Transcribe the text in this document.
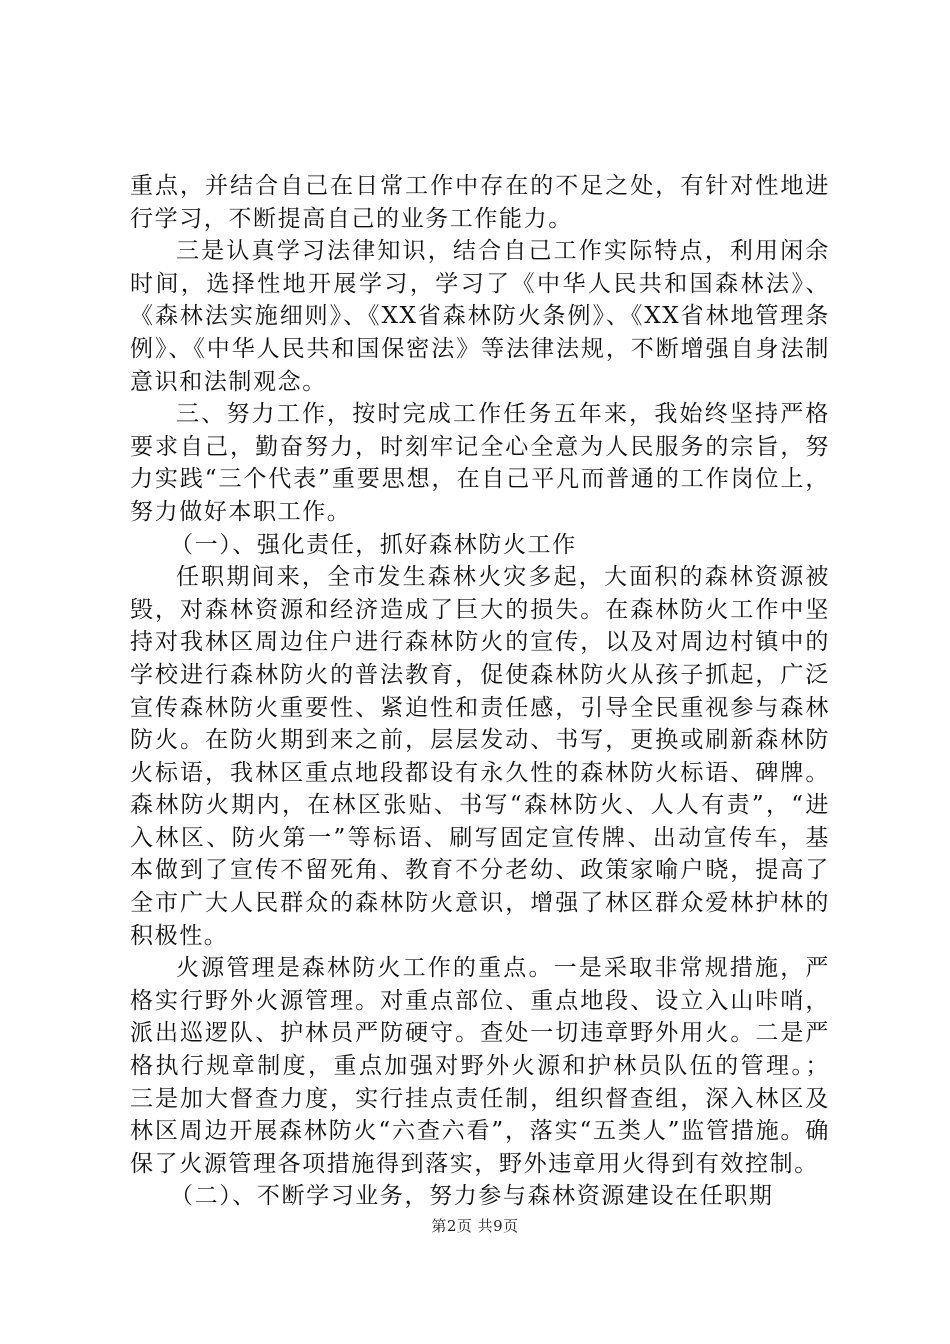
重点，并结合自己在日常工作中存在的不足之处，有针对性地进行学习，不断提高自己的业务工作能力。

三是认真学习法律知识，结合自己工作实际特点，利用闲余时间，选择性地开展学习，学习了《中华人民共和国森林法》、《森林法实施细则》、《XX省森林防火条例》、《XX省林地管理条例》、《中华人民共和国保密法》等法律法规，不断增强自身法制意识和法制观念。

三、努力工作，按时完成工作任务五年来，我始终坚持严格要求自己，勤奋努力，时刻牢记全心全意为人民服务的宗旨，努力实践“三个代表”重要思想，在自己平凡而普通的工作岗位上，努力做好本职工作。

（一）、强化责任，抓好森林防火工作

任职期间来，全市发生森林火灾多起，大面积的森林资源被毁，对森林资源和经济造成了巨大的损失。在森林防火工作中坚持对我林区周边住户进行森林防火的宣传，以及对周边村镇中的学校进行森林防火的普法教育，促使森林防火从孩子抓起，广泛宣传森林防火重要性、紧迫性和责任感，引导全民重视参与森林防火。在防火期到来之前，层层发动、书写，更换或刷新森林防火标语，我林区重点地段都设有永久性的森林防火标语、碑牌。森林防火期内，在林区张贴、书写“森林防火、人人有责”，“进入林区、防火第一”等标语、刷写固定宣传牌、出动宣传车，基本做到了宣传不留死角、教育不分老幼、政策家喻户晓，提高了全市广大人民群众的森林防火意识，增强了林区群众爱林护林的积极性。

火源管理是森林防火工作的重点。一是采取非常规措施，严格实行野外火源管理。对重点部位、重点地段、设立入山咔哨，派出巡逻队、护林员严防硬守。查处一切违章野外用火。二是严格执行规章制度，重点加强对野外火源和护林员队伍的管理。；三是加大督查力度，实行挂点责任制，组织督查组，深入林区及林区周边开展森林防火“六查六看”，落实“五类人”监管措施。确保了火源管理各项措施得到落实，野外违章用火得到有效控制。

（二）、不断学习业务，努力参与森林资源建设在任职期

第2页 共9页
